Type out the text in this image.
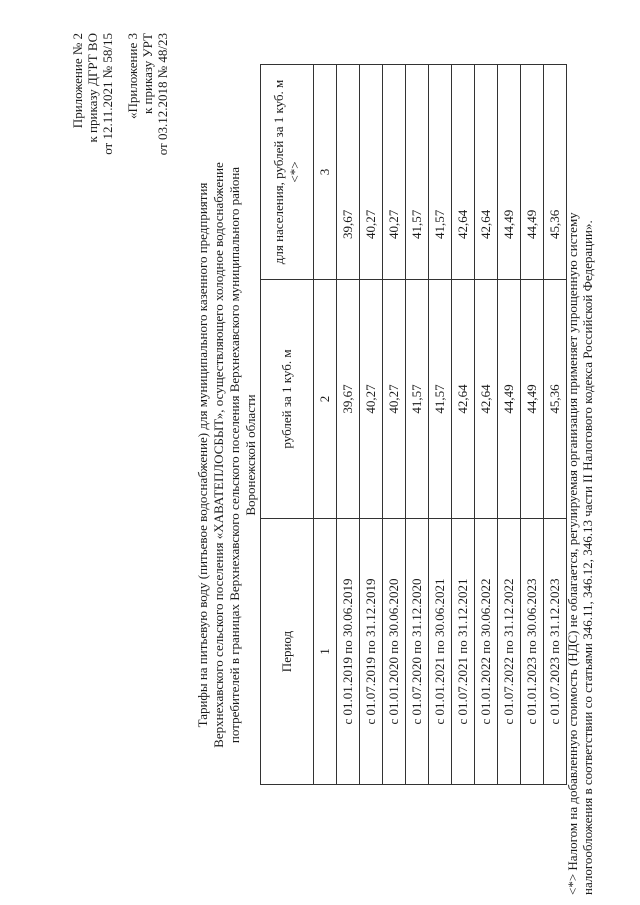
Приложение № 2 к приказу ДГРТ ВО от 12.11.2021 № 58/15 «Приложение 3 к приказу УРТ от 03.12.2018 № 48/23
Тарифы на питьевую воду (питьевое водоснабжение) для муниципального казенного предприятия Верхнехавского сельского поселения «ХАВАТЕПЛОСБЫТ», осуществляющего холодное водоснабжение потребителей в границах Верхнехавского сельского поселения Верхнехавского муниципального района Воронежской области
Период	рублей за 1 куб. м	для населения, рублей за 1 куб. м <*>
1	2	3
с 01.01.2019 по 30.06.2019	39,67	39,67
с 01.07.2019 по 31.12.2019	40,27	40,27
с 01.01.2020 по 30.06.2020	40,27	40,27
с 01.07.2020 по 31.12.2020	41,57	41,57
с 01.01.2021 по 30.06.2021	41,57	41,57
с 01.07.2021 по 31.12.2021	42,64	42,64
с 01.01.2022 по 30.06.2022	42,64	42,64
с 01.07.2022 по 31.12.2022	44,49	44,49
с 01.01.2023 по 30.06.2023	44,49	44,49
с 01.07.2023 по 31.12.2023	45,36	45,36 <*> Налогом на добавленную стоимость (НДС) не облагается, регулируемая организация применяет упрощенную систему налогообложения в соответствии со статьями 346.11, 346.12, 346.13 части II Налогового кодекса Российской Федерации».
